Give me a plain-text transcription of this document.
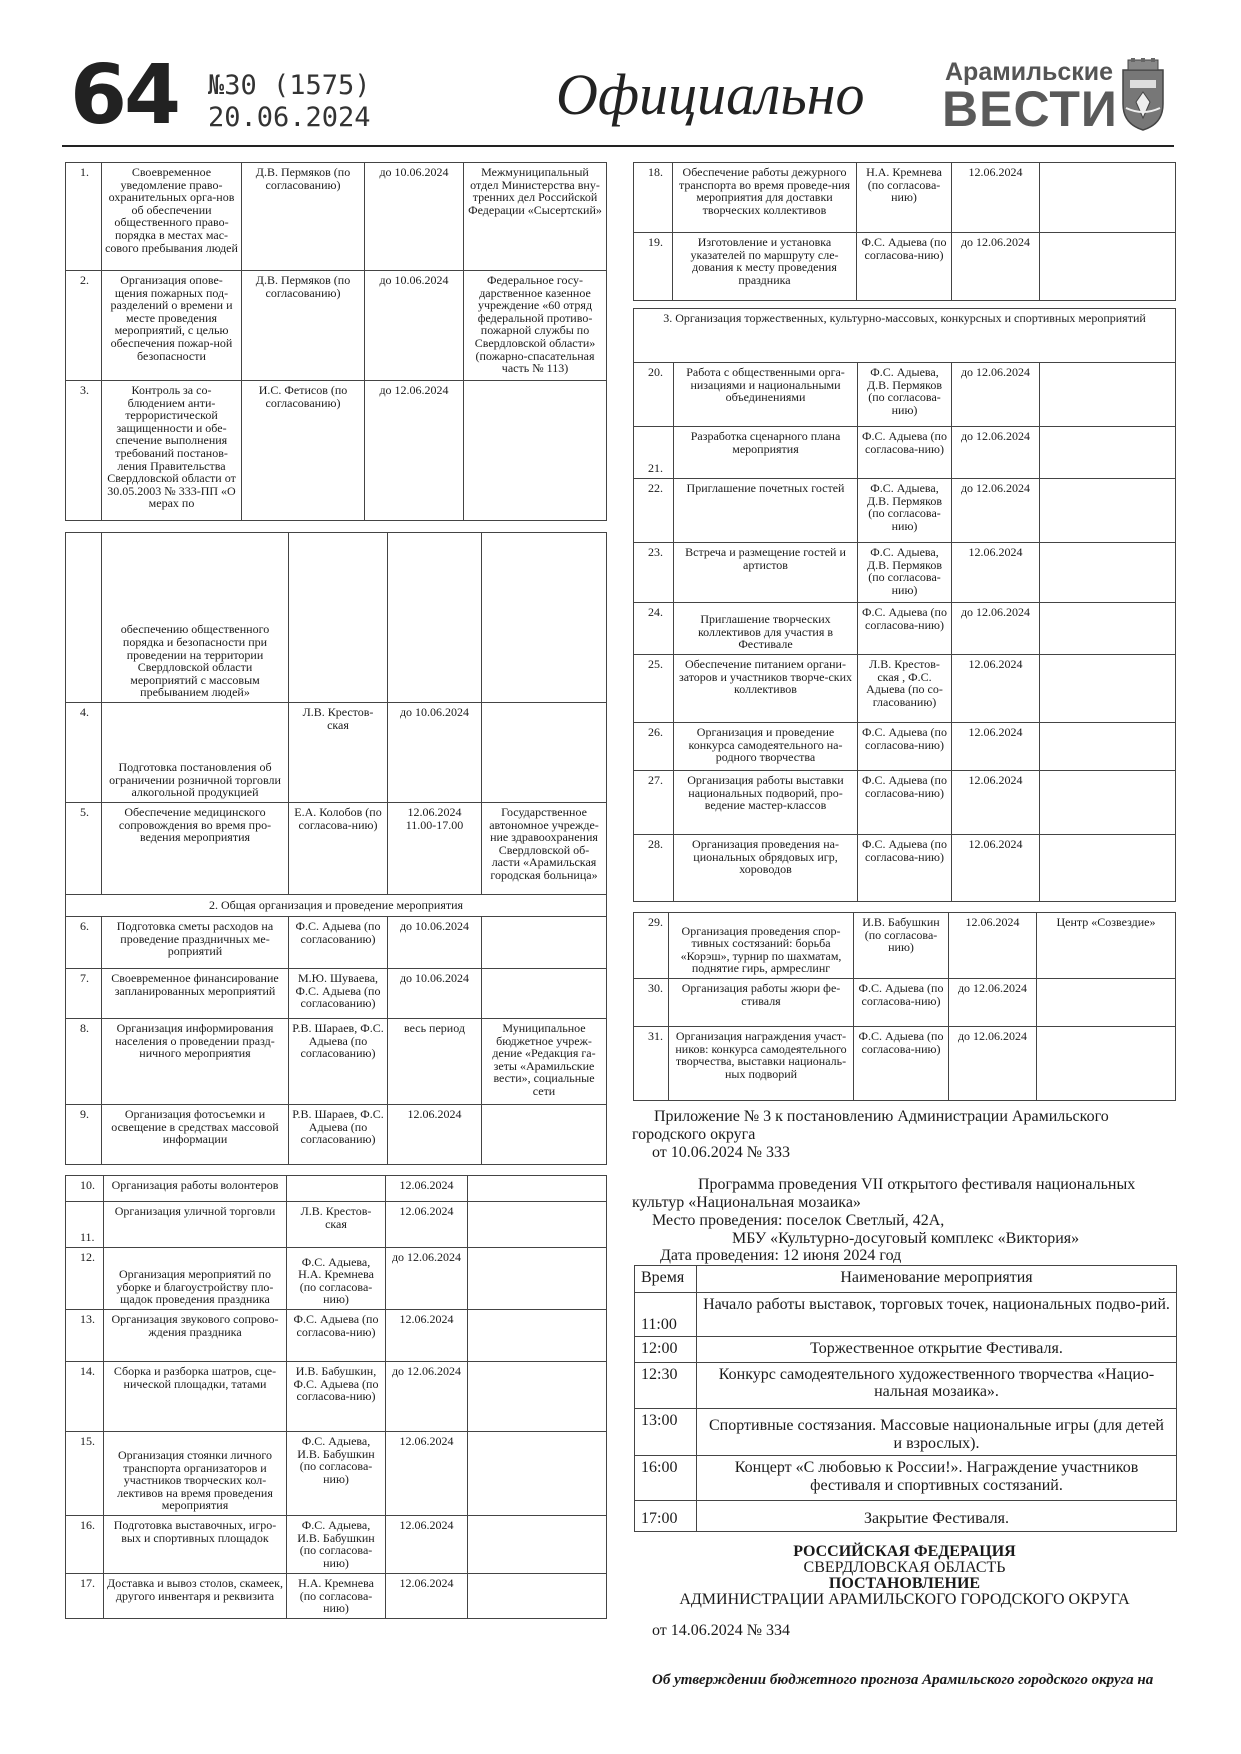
64 №30 (1575)
20.06.2024	Официально	Арамильские
ВЕСТИ
1.	Своевременное уведомление право-охранительных орга-нов об обеспечении общественного право-порядка в местах мас-сового пребывания людей	Д.В. Пермяков (по согласованию)	до 10.06.2024	Межмуниципальный отдел Министерства вну-тренних дел Российской Федерации «Сысертский»
2.	Организация опове-щения пожарных под-разделений о времени и месте проведения мероприятий, с целью обеспечения пожар-ной безопасности	Д.В. Пермяков (по согласованию)	до 10.06.2024	Федеральное госу-дарственное казенное учреждение «60 отряд федеральной противо-пожарной службы по Свердловской области» (пожарно-спасательная часть № 113)
3.	Контроль за со-блюдением анти-террористической защищенности и обе-спечение выполнения требований постанов-ления Правительства Свердловской области от 30.05.2003 № 333-ПП «О мерах по	И.С. Фетисов (по согласованию)	до 12.06.2024	
	обеспечению общественного порядка и безопасности при проведении на территории Свердловской области мероприятий с массовым пребыванием людей»			
4.	Подготовка постановления об ограничении розничной торговли алкогольной продукцией	Л.В. Крестов-ская	до 10.06.2024	
5.	Обеспечение медицинского сопровождения во время про-ведения мероприятия	Е.А. Колобов (по согласова-нию)	12.06.2024 11.00-17.00	Государственное автономное учрежде-ние здравоохранения Свердловской об-ласти «Арамильская городская больница»
2. Общая организация и проведение мероприятия				
6.	Подготовка сметы расходов на проведение праздничных ме-роприятий	Ф.С. Адыева (по согласованию)	до 10.06.2024	
7.	Своевременное финансирование запланированных мероприятий	М.Ю. Шуваева, Ф.С. Адыева (по согласованию)	до 10.06.2024	
8.	Организация информирования населения о проведении празд-ничного мероприятия	Р.В. Шараев, Ф.С. Адыева (по согласованию)	весь период	Муниципальное бюджетное учреж-дение «Редакция га-зеты «Арамильские вести», социальные сети
9.	Организация фотосъемки и освещение в средствах массовой информации	Р.В. Шараев, Ф.С. Адыева (по согласованию)	12.06.2024	
10.	Организация работы волонтеров		12.06.2024	
11.	Организация уличной торговли	Л.В. Крестов-ская	12.06.2024	
12.	Организация мероприятий по уборке и благоустройству пло-щадок проведения праздника	Ф.С. Адыева, Н.А. Кремнева (по согласова-нию)	до 12.06.2024	
13.	Организация звукового сопрово-ждения праздника	Ф.С. Адыева (по согласова-нию)	12.06.2024	
14.	Сборка и разборка шатров, сце-нической площадки, татами	И.В. Бабушкин, Ф.С. Адыева (по согласова-нию)	до 12.06.2024	
15.	Организация стоянки личного транспорта организаторов и участников творческих кол-лективов на время проведения мероприятия	Ф.С. Адыева, И.В. Бабушкин (по согласова-нию)	12.06.2024	
16.	Подготовка выставочных, игро-вых и спортивных площадок	Ф.С. Адыева, И.В. Бабушкин (по согласова-нию)	12.06.2024	
17.	Доставка и вывоз столов, скамеек, другого инвентаря и реквизита	Н.А. Кремнева (по согласова-нию)	12.06.2024	
18.	Обеспечение работы дежурного транспорта во время проведе-ния мероприятия для доставки творческих коллективов	Н.А. Кремнева (по согласова-нию)	12.06.2024	
19.	Изготовление и установка указателей по маршруту сле-дования к месту проведения праздника	Ф.С. Адыева (по согласова-нию)	до 12.06.2024	
3. Организация торжественных, культурно-массовых, конкурсных и спортивных мероприятий				
20.	Работа с общественными орга-низациями и национальными объединениями	Ф.С. Адыева, Д.В. Пермяков (по согласова-нию)	до 12.06.2024	
21.	Разработка сценарного плана мероприятия	Ф.С. Адыева (по согласова-нию)	до 12.06.2024	
22.	Приглашение почетных гостей	Ф.С. Адыева, Д.В. Пермяков (по согласова-нию)	до 12.06.2024	
23.	Встреча и размещение гостей и артистов	Ф.С. Адыева, Д.В. Пермяков (по согласова-нию)	12.06.2024	
24.	Приглашение творческих коллективов для участия в Фестивале	Ф.С. Адыева (по согласова-нию)	до 12.06.2024	
25.	Обеспечение питанием органи-заторов и участников творче-ских коллективов	Л.В. Крестов-ская , Ф.С. Адыева (по со-гласованию)	12.06.2024	
26.	Организация и проведение конкурса самодеятельного на-родного творчества	Ф.С. Адыева (по согласова-нию)	12.06.2024	
27.	Организация работы выставки национальных подворий, про-ведение мастер-классов	Ф.С. Адыева (по согласова-нию)	12.06.2024	
28.	Организация проведения на-циональных обрядовых игр, хороводов	Ф.С. Адыева (по согласова-нию)	12.06.2024	
29.	Организация проведения спор-тивных состязаний: борьба «Корэш», турнир по шахматам, поднятие гирь, армреслинг	И.В. Бабушкин (по согласова-нию)	12.06.2024	Центр «Созвездие»
30.	Организация работы жюри фе-стиваля	Ф.С. Адыева (по согласова-нию)	до 12.06.2024	
31.	Организация награждения участ-ников: конкурса самодеятельного творчества, выставки националь-ных подворий	Ф.С. Адыева (по согласова-нию)	до 12.06.2024	
Приложение № 3 к постановлению Администрации Арамильского городского округа
от 10.06.2024 № 333
Программа проведения VII открытого фестиваля национальных культур «Национальная мозаика»
Место проведения: поселок Светлый, 42А,
МБУ «Культурно-досуговый комплекс «Виктория»
Дата проведения: 12 июня 2024 год
Время	Наименование мероприятия
11:00	Начало работы выставок, торговых точек, национальных подво-рий.
12:00	Торжественное открытие Фестиваля.
12:30	Конкурс самодеятельного художественного творчества «Нацио-нальная мозаика».
13:00	Спортивные состязания. Массовые национальные игры (для детей и взрослых).
16:00	Концерт «С любовью к России!». Награждение участников фестиваля и спортивных состязаний.
17:00	Закрытие Фестиваля.
РОССИЙСКАЯ ФЕДЕРАЦИЯ
СВЕРДЛОВСКАЯ ОБЛАСТЬ
ПОСТАНОВЛЕНИЕ
АДМИНИСТРАЦИИ АРАМИЛЬСКОГО ГОРОДСКОГО ОКРУГА
от 14.06.2024 № 334
Об утверждении бюджетного прогноза Арамильского городского округа на
